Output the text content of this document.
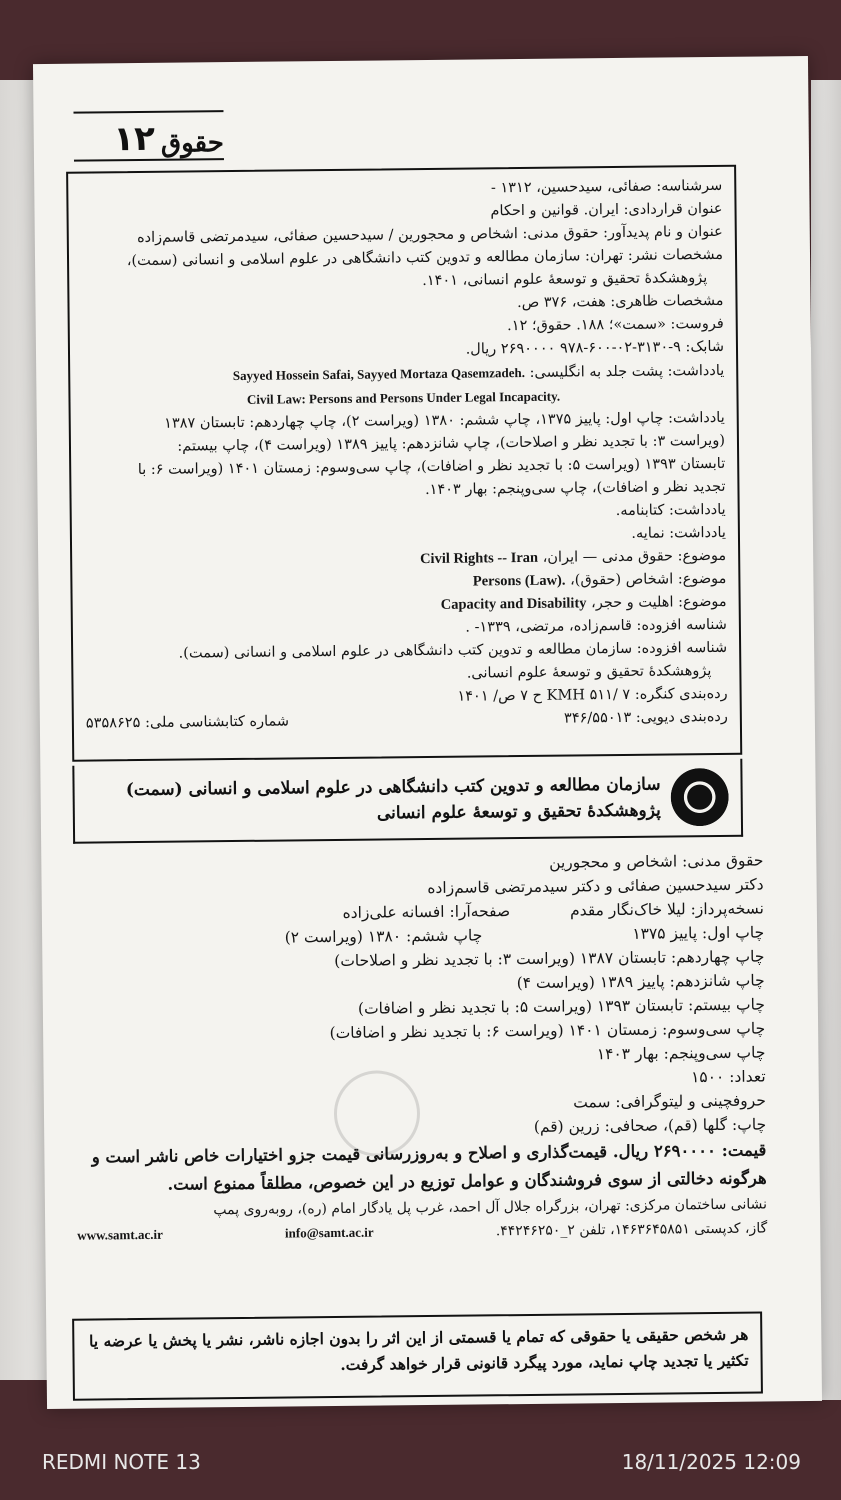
حقوق
۱۲
سرشناسه: صفائی، سیدحسین، ۱۳۱۲ -
عنوان قراردادی: ایران. قوانین و احکام
عنوان و نام پدیدآور: حقوق مدنی: اشخاص و محجورین / سیدحسین صفائی، سیدمرتضی قاسم‌زاده
مشخصات نشر: تهران: سازمان مطالعه و تدوین کتب دانشگاهی در علوم اسلامی و انسانی (سمت)،
پژوهشکدهٔ تحقیق و توسعهٔ علوم انسانی، ۱۴۰۱.
مشخصات ظاهری: هفت، ۳۷۶ ص.
فروست: «سمت»؛ ۱۸۸. حقوق؛ ۱۲.
شابک: ۹-۳۱۳۰-۰۲-۶۰۰-۹۷۸ ۲۶۹۰۰۰۰ ریال.
یادداشت: پشت جلد به انگلیسی: Sayyed Hossein Safai, Sayyed Mortaza Qasemzadeh.
Civil Law: Persons and Persons Under Legal Incapacity.
یادداشت: چاپ اول: پاییز ۱۳۷۵، چاپ ششم: ۱۳۸۰ (ویراست ۲)، چاپ چهاردهم: تابستان ۱۳۸۷
(ویراست ۳: با تجدید نظر و اصلاحات)، چاپ شانزدهم: پاییز ۱۳۸۹ (ویراست ۴)، چاپ بیستم:
تابستان ۱۳۹۳ (ویراست ۵: با تجدید نظر و اضافات)، چاپ سی‌وسوم: زمستان ۱۴۰۱ (ویراست ۶: با
تجدید نظر و اضافات)، چاپ سی‌وپنجم: بهار ۱۴۰۳.
یادداشت: کتابنامه.
یادداشت: نمایه.
موضوع: حقوق مدنی — ایران، Civil Rights -- Iran
موضوع: اشخاص (حقوق)، Persons (Law).
موضوع: اهلیت و حجر، Capacity and Disability
شناسه افزوده: قاسم‌زاده، مرتضی، ۱۳۳۹- .
شناسه افزوده: سازمان مطالعه و تدوین کتب دانشگاهی در علوم اسلامی و انسانی (سمت).
پژوهشکدهٔ تحقیق و توسعهٔ علوم انسانی.
رده‌بندی کنگره: KMH ۵۱۱/ ۷ ح ۷ ص/ ۱۴۰۱
رده‌بندی دیویی: ۳۴۶/۵۵۰۱۳
شماره کتابشناسی ملی: ۵۳۵۸۶۲۵
سازمان مطالعه و تدوین کتب دانشگاهی در علوم اسلامی و انسانی (سمت)
پژوهشکدهٔ تحقیق و توسعهٔ علوم انسانی
حقوق مدنی: اشخاص و محجورین
دکتر سیدحسین صفائی و دکتر سیدمرتضی قاسم‌زاده
نسخه‌پرداز: لیلا خاک‌نگار مقدم
صفحه‌آرا: افسانه علی‌زاده
چاپ اول: پاییز ۱۳۷۵
چاپ ششم: ۱۳۸۰ (ویراست ۲)
چاپ چهاردهم: تابستان ۱۳۸۷ (ویراست ۳: با تجدید نظر و اصلاحات)
چاپ شانزدهم: پاییز ۱۳۸۹ (ویراست ۴)
چاپ بیستم: تابستان ۱۳۹۳ (ویراست ۵: با تجدید نظر و اضافات)
چاپ سی‌وسوم: زمستان ۱۴۰۱ (ویراست ۶: با تجدید نظر و اضافات)
چاپ سی‌وپنجم: بهار ۱۴۰۳
تعداد: ۱۵۰۰
حروفچینی و لیتوگرافی: سمت
چاپ: گلها (قم)، صحافی: زرین (قم)
قیمت: ۲۶۹۰۰۰۰ ریال. قیمت‌گذاری و اصلاح و به‌روزرسانی قیمت جزو اختیارات خاص ناشر است و هرگونه دخالتی از سوی فروشندگان و عوامل توزیع در این خصوص، مطلقاً ممنوع است.
نشانی ساختمان مرکزی: تهران، بزرگراه جلال آل احمد، غرب پل یادگار امام (ره)، روبه‌روی پمپ
گاز، کدپستی ۱۴۶۳۶۴۵۸۵۱، تلفن ۲_۴۴۲۴۶۲۵۰.
info@samt.ac.ir
www.samt.ac.ir
هر شخص حقیقی یا حقوقی که تمام یا قسمتی از این اثر را بدون اجازه ناشر، نشر یا پخش یا عرضه یا تکثیر یا تجدید چاپ نماید، مورد پیگرد قانونی قرار خواهد گرفت.
REDMI NOTE 13	18/11/2025 12:09
